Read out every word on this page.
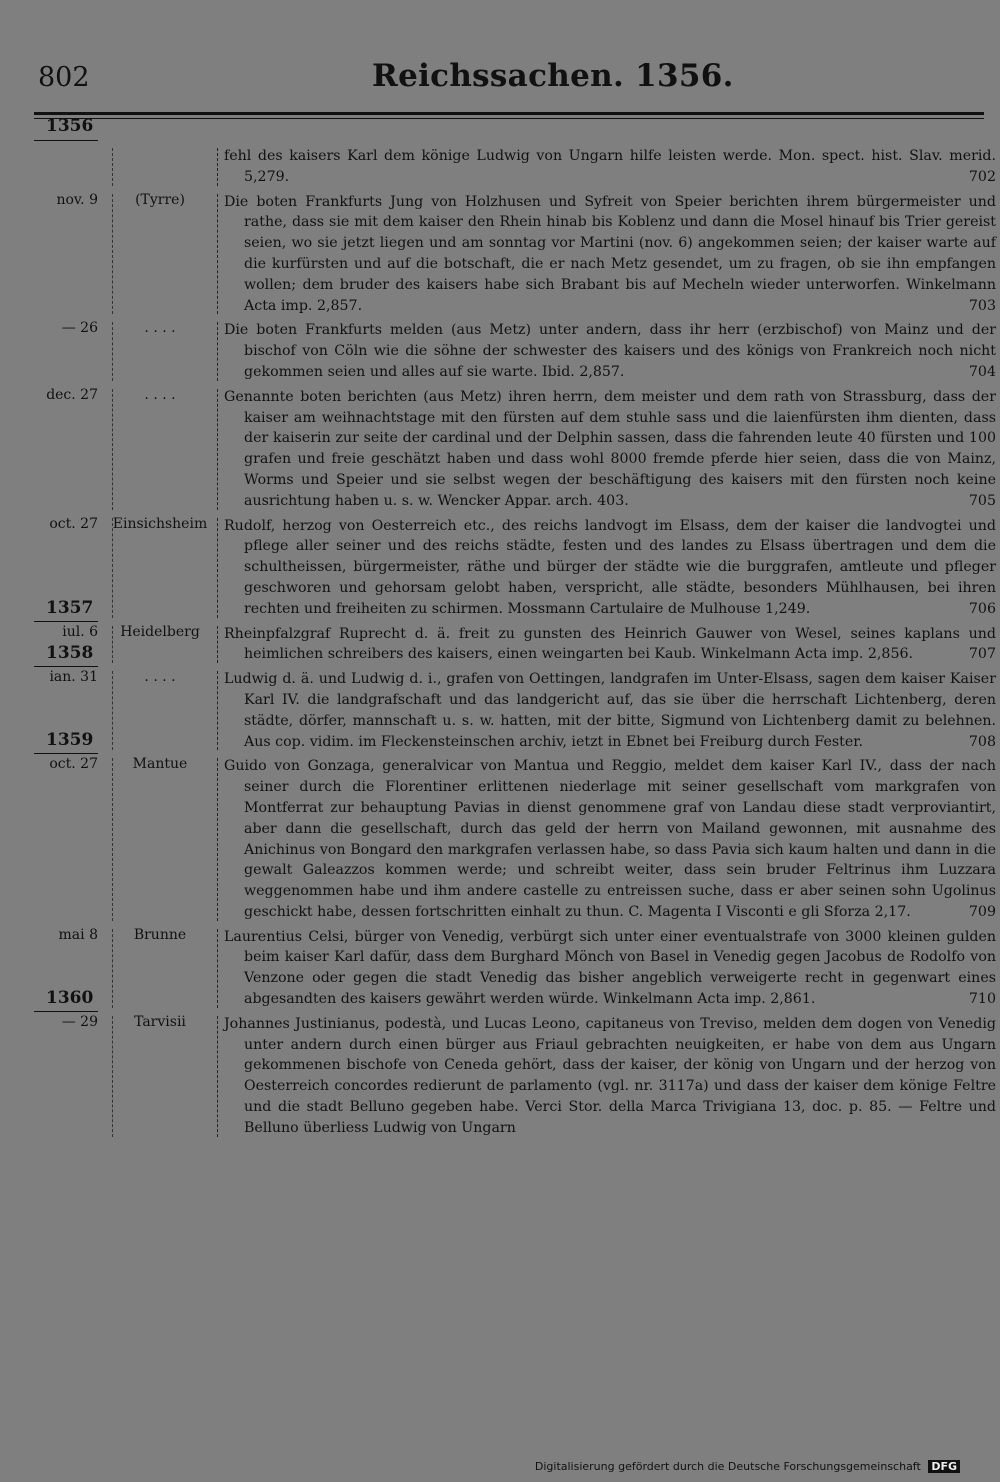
802	Reichssachen. 1356.
1356
fehl des kaisers Karl dem könige Ludwig von Ungarn hilfe leisten werde. Mon. spect. hist. Slav. merid. 5,279.	702
nov. 9	(Tyrre)	Die boten Frankfurts Jung von Holzhusen und Syfreit von Speier berichten ihrem bürgermeister und rathe, dass sie mit dem kaiser den Rhein hinab bis Koblenz und dann die Mosel hinauf bis Trier gereist seien, wo sie jetzt liegen und am sonntag vor Martini (nov. 6) angekommen seien; der kaiser warte auf die kurfürsten und auf die botschaft, die er nach Metz gesendet, um zu fragen, ob sie ihn empfangen wollen; dem bruder des kaisers habe sich Brabant bis auf Mecheln wieder unterworfen. Winkelmann Acta imp. 2,857.	703
— 26	. . . .	Die boten Frankfurts melden (aus Metz) unter andern, dass ihr herr (erzbischof) von Mainz und der bischof von Cöln wie die söhne der schwester des kaisers und des königs von Frankreich noch nicht gekommen seien und alles auf sie warte. Ibid. 2,857.	704
dec. 27	. . . .	Genannte boten berichten (aus Metz) ihren herrn, dem meister und dem rath von Strassburg, dass der kaiser am weihnachtstage mit den fürsten auf dem stuhle sass und die laienfürsten ihm dienten, dass der kaiserin zur seite der cardinal und der Delphin sassen, dass die fahrenden leute 40 fürsten und 100 grafen und freie geschätzt haben und dass wohl 8000 fremde pferde hier seien, dass die von Mainz, Worms und Speier und sie selbst wegen der beschäftigung des kaisers mit den fürsten noch keine ausrichtung haben u. s. w. Wencker Appar. arch. 403.	705
oct. 27	Einsichsheim	Rudolf, herzog von Oesterreich etc., des reichs landvogt im Elsass, dem der kaiser die landvogtei und pflege aller seiner und des reichs städte, festen und des landes zu Elsass übertragen und dem die schultheissen, bürgermeister, räthe und bürger der städte wie die burggrafen, amtleute und pfleger geschworen und gehorsam gelobt haben, verspricht, alle städte, besonders Mühlhausen, bei ihren rechten und freiheiten zu schirmen. Mossmann Cartulaire de Mulhouse 1,249.	706
1357
iul. 6	Heidelberg	Rheinpfalzgraf Ruprecht d. ä. freit zu gunsten des Heinrich Gauwer von Wesel, seines kaplans und heimlichen schreibers des kaisers, einen weingarten bei Kaub. Winkelmann Acta imp. 2,856.	707
1358
ian. 31	. . . .	Ludwig d. ä. und Ludwig d. i., grafen von Oettingen, landgrafen im Unter-Elsass, sagen dem kaiser Kaiser Karl IV. die landgrafschaft und das landgericht auf, das sie über die herrschaft Lichtenberg, deren städte, dörfer, mannschaft u. s. w. hatten, mit der bitte, Sigmund von Lichtenberg damit zu belehnen. Aus cop. vidim. im Fleckensteinschen archiv, ietzt in Ebnet bei Freiburg durch Fester.	708
1359
oct. 27	Mantue	Guido von Gonzaga, generalvicar von Mantua und Reggio, meldet dem kaiser Karl IV., dass der nach seiner durch die Florentiner erlittenen niederlage mit seiner gesellschaft vom markgrafen von Montferrat zur behauptung Pavias in dienst genommene graf von Landau diese stadt verproviantirt, aber dann die gesellschaft, durch das geld der herrn von Mailand gewonnen, mit ausnahme des Anichinus von Bongard den markgrafen verlassen habe, so dass Pavia sich kaum halten und dann in die gewalt Galeazzos kommen werde; und schreibt weiter, dass sein bruder Feltrinus ihm Luzzara weggenommen habe und ihm andere castelle zu entreissen suche, dass er aber seinen sohn Ugolinus geschickt habe, dessen fortschritten einhalt zu thun. C. Magenta I Visconti e gli Sforza 2,17.	709
mai 8	Brunne	Laurentius Celsi, bürger von Venedig, verbürgt sich unter einer eventualstrafe von 3000 kleinen gulden beim kaiser Karl dafür, dass dem Burghard Mönch von Basel in Venedig gegen Jacobus de Rodolfo von Venzone oder gegen die stadt Venedig das bisher angeblich verweigerte recht in gegenwart eines abgesandten des kaisers gewährt werden würde. Winkelmann Acta imp. 2,861.	710
1360
— 29	Tarvisii	Johannes Justinianus, podestà, und Lucas Leono, capitaneus von Treviso, melden dem dogen von Venedig unter andern durch einen bürger aus Friaul gebrachten neuigkeiten, er habe von dem aus Ungarn gekommenen bischofe von Ceneda gehört, dass der kaiser, der könig von Ungarn und der herzog von Oesterreich concordes redierunt de parlamento (vgl. nr. 3117a) und dass der kaiser dem könige Feltre und die stadt Belluno gegeben habe. Verci Stor. della Marca Trivigiana 13, doc. p. 85. — Feltre und Belluno überliess Ludwig von Ungarn
Digitalisierung gefördert durch die Deutsche Forschungsgemeinschaft DFG
